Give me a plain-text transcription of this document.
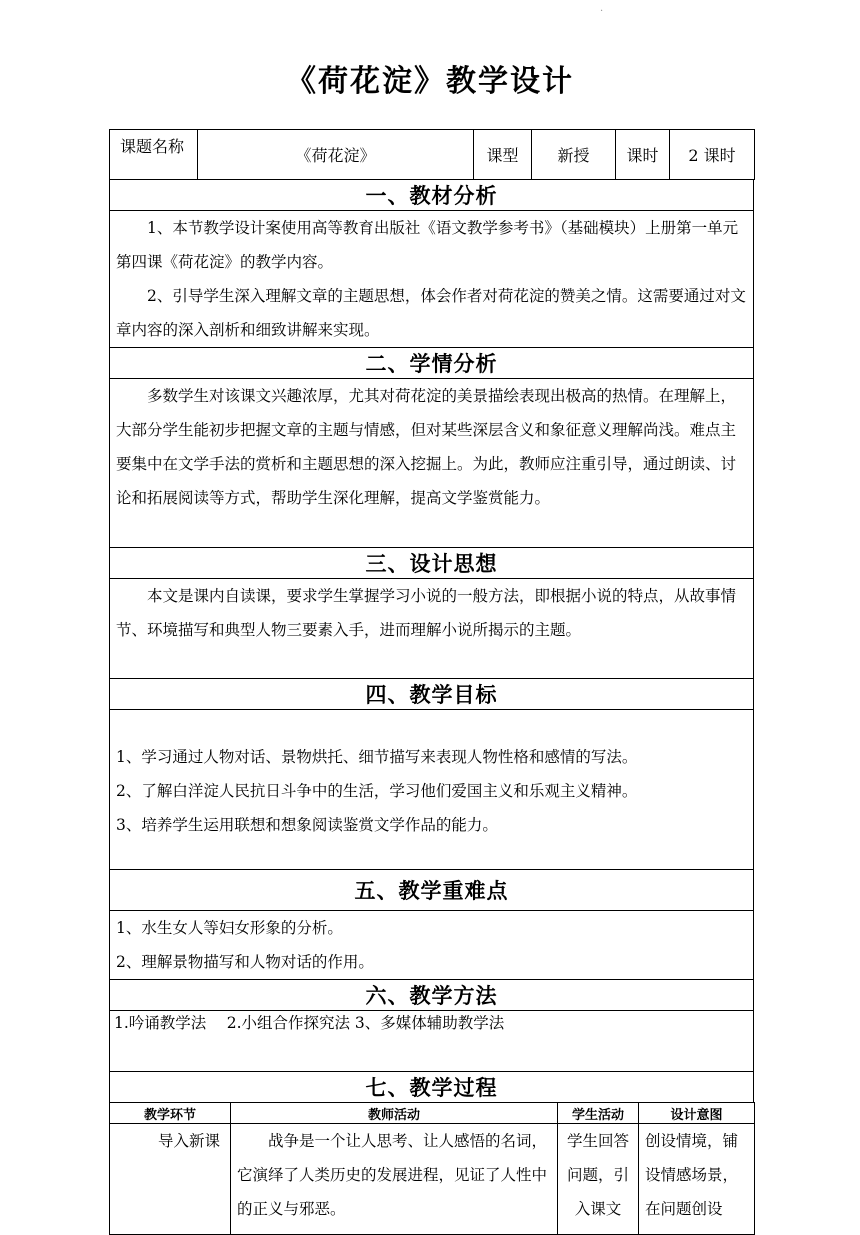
·
《荷花淀》教学设计
课题名称	《荷花淀》	课型	新授	课时	2 课时
一、教材分析

1、本节教学设计案使用高等教育出版社《语文教学参考书》（基础模块）上册第一单元第四课《荷花淀》的教学内容。

2、引导学生深入理解文章的主题思想，体会作者对荷花淀的赞美之情。这需要通过对文章内容的深入剖析和细致讲解来实现。

二、学情分析

多数学生对该课文兴趣浓厚，尤其对荷花淀的美景描绘表现出极高的热情。在理解上，大部分学生能初步把握文章的主题与情感，但对某些深层含义和象征意义理解尚浅。难点主要集中在文学手法的赏析和主题思想的深入挖掘上。为此，教师应注重引导，通过朗读、讨论和拓展阅读等方式，帮助学生深化理解，提高文学鉴赏能力。

三、设计思想

本文是课内自读课，要求学生掌握学习小说的一般方法，即根据小说的特点，从故事情节、环境描写和典型人物三要素入手，进而理解小说所揭示的主题。

四、教学目标

1、学习通过人物对话、景物烘托、细节描写来表现人物性格和感情的写法。

2、了解白洋淀人民抗日斗争中的生活，学习他们爱国主义和乐观主义精神。

3、培养学生运用联想和想象阅读鉴赏文学作品的能力。

五、教学重难点

1、水生女人等妇女形象的分析。

2、理解景物描写和人物对话的作用。

六、教学方法

1.吟诵教学法　 2.小组合作探究法 3、多媒体辅助教学法

七、教学过程
教学环节	教师活动	学生活动	设计意图
导入新课	战争是一个让人思考、让人感悟的名词，它演绎了人类历史的发展进程，见证了人性中的正义与邪恶。	学生回答问题，引入课文	创设情境，铺设情感场景，在问题创设
